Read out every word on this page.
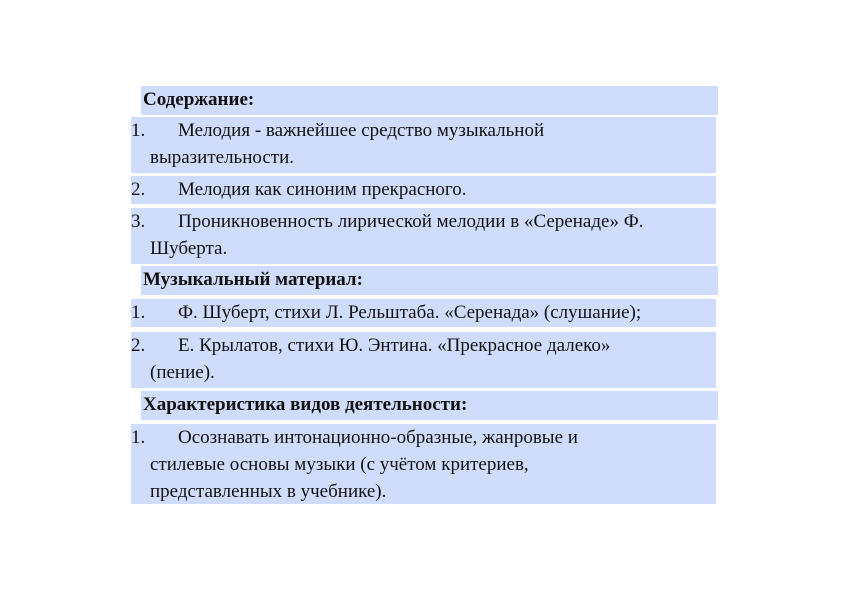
Содержание:
1.	Мелодия - важнейшее средство музыкальной
выразительности.
2.	Мелодия как синоним прекрасного.
3.	Проникновенность лирической мелодии в «Серенаде» Ф.
Шуберта.
Музыкальный материал:
1.	Ф. Шуберт, стихи Л. Рельштаба. «Серенада» (слушание);
2.	Е. Крылатов, стихи Ю. Энтина. «Прекрасное далеко»
(пение).
Характеристика видов деятельности:
1.	Осознавать интонационно-образные, жанровые и
стилевые основы музыки (с учётом критериев,
представленных в учебнике).
